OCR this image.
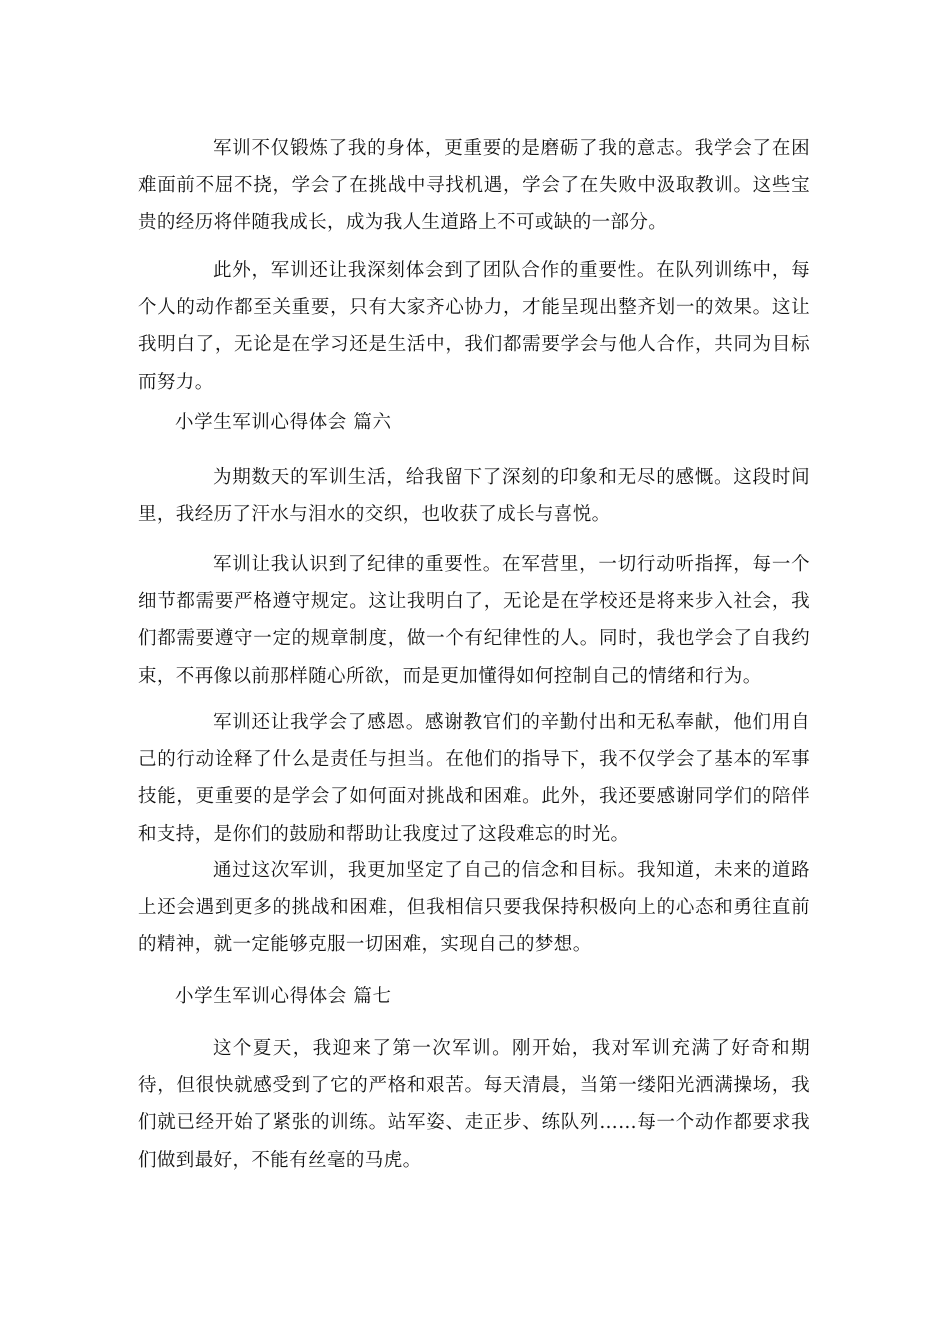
军训不仅锻炼了我的身体，更重要的是磨砺了我的意志。我学会了在困难面前不屈不挠，学会了在挑战中寻找机遇，学会了在失败中汲取教训。这些宝贵的经历将伴随我成长，成为我人生道路上不可或缺的一部分。

此外，军训还让我深刻体会到了团队合作的重要性。在队列训练中，每个人的动作都至关重要，只有大家齐心协力，才能呈现出整齐划一的效果。这让我明白了，无论是在学习还是生活中，我们都需要学会与他人合作，共同为目标而努力。

小学生军训心得体会 篇六

为期数天的军训生活，给我留下了深刻的印象和无尽的感慨。这段时间里，我经历了汗水与泪水的交织，也收获了成长与喜悦。

军训让我认识到了纪律的重要性。在军营里，一切行动听指挥，每一个细节都需要严格遵守规定。这让我明白了，无论是在学校还是将来步入社会，我们都需要遵守一定的规章制度，做一个有纪律性的人。同时，我也学会了自我约束，不再像以前那样随心所欲，而是更加懂得如何控制自己的情绪和行为。

军训还让我学会了感恩。感谢教官们的辛勤付出和无私奉献，他们用自己的行动诠释了什么是责任与担当。在他们的指导下，我不仅学会了基本的军事技能，更重要的是学会了如何面对挑战和困难。此外，我还要感谢同学们的陪伴和支持，是你们的鼓励和帮助让我度过了这段难忘的时光。

通过这次军训，我更加坚定了自己的信念和目标。我知道，未来的道路上还会遇到更多的挑战和困难，但我相信只要我保持积极向上的心态和勇往直前的精神，就一定能够克服一切困难，实现自己的梦想。

小学生军训心得体会 篇七

这个夏天，我迎来了第一次军训。刚开始，我对军训充满了好奇和期待，但很快就感受到了它的严格和艰苦。每天清晨，当第一缕阳光洒满操场，我们就已经开始了紧张的训练。站军姿、走正步、练队列……每一个动作都要求我们做到最好，不能有丝毫的马虎。
